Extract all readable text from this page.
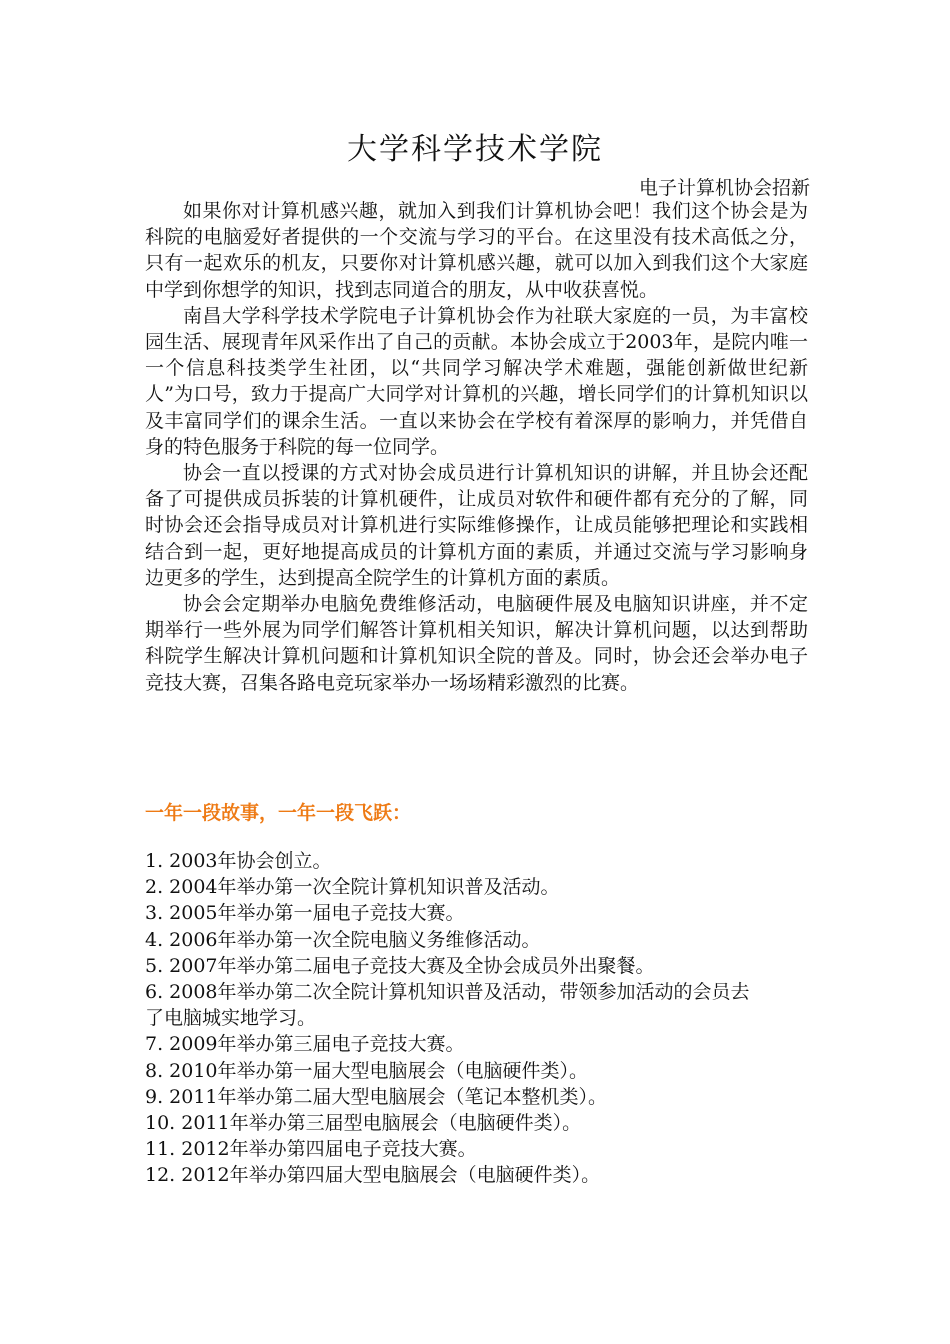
大学科学技术学院
电子计算机协会招新

如果你对计算机感兴趣，就加入到我们计算机协会吧！我们这个协会是为科院的电脑爱好者提供的一个交流与学习的平台。在这里没有技术高低之分，只有一起欢乐的机友，只要你对计算机感兴趣，就可以加入到我们这个大家庭中学到你想学的知识，找到志同道合的朋友，从中收获喜悦。

南昌大学科学技术学院电子计算机协会作为社联大家庭的一员，为丰富校园生活、展现青年风采作出了自己的贡献。本协会成立于2003年，是院内唯一一个信息科技类学生社团，以“共同学习解决学术难题，强能创新做世纪新人”为口号，致力于提高广大同学对计算机的兴趣，增长同学们的计算机知识以及丰富同学们的课余生活。一直以来协会在学校有着深厚的影响力，并凭借自身的特色服务于科院的每一位同学。

协会一直以授课的方式对协会成员进行计算机知识的讲解，并且协会还配备了可提供成员拆装的计算机硬件，让成员对软件和硬件都有充分的了解，同时协会还会指导成员对计算机进行实际维修操作，让成员能够把理论和实践相结合到一起，更好地提高成员的计算机方面的素质，并通过交流与学习影响身边更多的学生，达到提高全院学生的计算机方面的素质。

协会会定期举办电脑免费维修活动，电脑硬件展及电脑知识讲座，并不定期举行一些外展为同学们解答计算机相关知识，解决计算机问题，以达到帮助科院学生解决计算机问题和计算机知识全院的普及。同时，协会还会举办电子竞技大赛，召集各路电竞玩家举办一场场精彩激烈的比赛。

一年一段故事，一年一段飞跃：
1. 2003年协会创立。
2. 2004年举办第一次全院计算机知识普及活动。
3. 2005年举办第一届电子竞技大赛。
4. 2006年举办第一次全院电脑义务维修活动。
5. 2007年举办第二届电子竞技大赛及全协会成员外出聚餐。
6. 2008年举办第二次全院计算机知识普及活动，带领参加活动的会员去了电脑城实地学习。
7. 2009年举办第三届电子竞技大赛。
8. 2010年举办第一届大型电脑展会（电脑硬件类）。
9. 2011年举办第二届大型电脑展会（笔记本整机类）。
10. 2011年举办第三届型电脑展会（电脑硬件类）。
11. 2012年举办第四届电子竞技大赛。
12. 2012年举办第四届大型电脑展会（电脑硬件类）。
